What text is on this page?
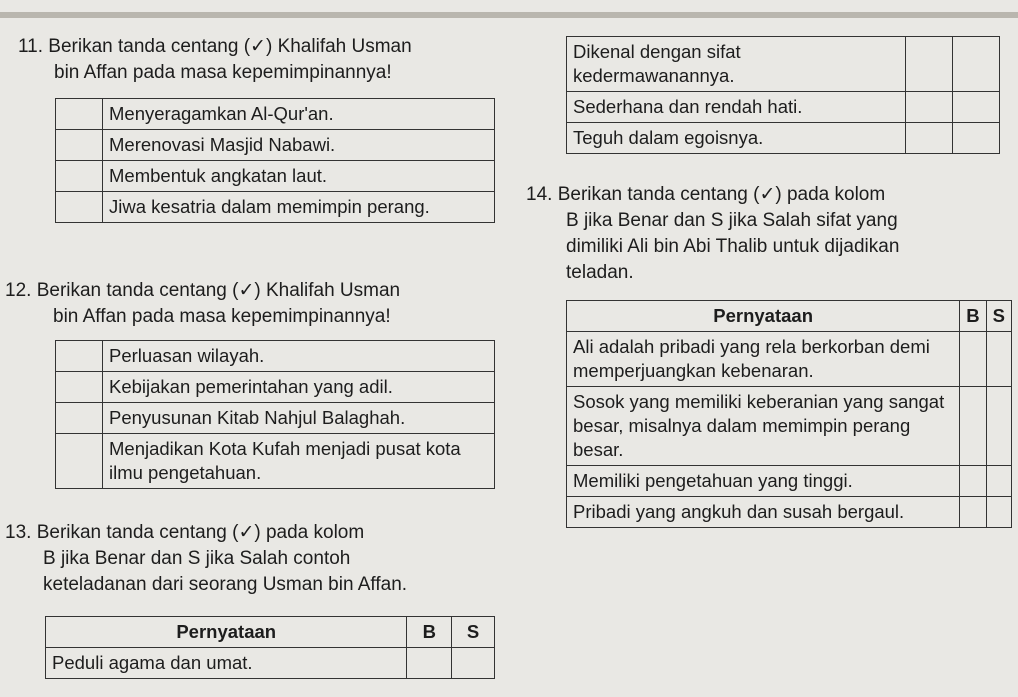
11. Berikan tanda centang (✓) Khalifah Usman
bin Affan pada masa kepemimpinannya!
	Menyeragamkan Al-Qur'an.
	Merenovasi Masjid Nabawi.
	Membentuk angkatan laut.
	Jiwa kesatria dalam memimpin perang.
12. Berikan tanda centang (✓) Khalifah Usman
bin Affan pada masa kepemimpinannya!
	Perluasan wilayah.
	Kebijakan pemerintahan yang adil.
	Penyusunan Kitab Nahjul Balaghah.
	Menjadikan Kota Kufah menjadi pusat kota ilmu pengetahuan.
13. Berikan tanda centang (✓) pada kolom
B jika Benar dan S jika Salah contoh
keteladanan dari seorang Usman bin Affan.
Pernyataan	B	S
Peduli agama dan umat.		
Dikenal dengan sifat kedermawanannya.		
Sederhana dan rendah hati.		
Teguh dalam egoisnya.		
14. Berikan tanda centang (✓) pada kolom
B jika Benar dan S jika Salah sifat yang
dimiliki Ali bin Abi Thalib untuk dijadikan
teladan.
Pernyataan	B	S
Ali adalah pribadi yang rela berkorban demi memperjuangkan kebenaran.		
Sosok yang memiliki keberanian yang sangat besar, misalnya dalam memimpin perang besar.		
Memiliki pengetahuan yang tinggi.		
Pribadi yang angkuh dan susah bergaul.		
